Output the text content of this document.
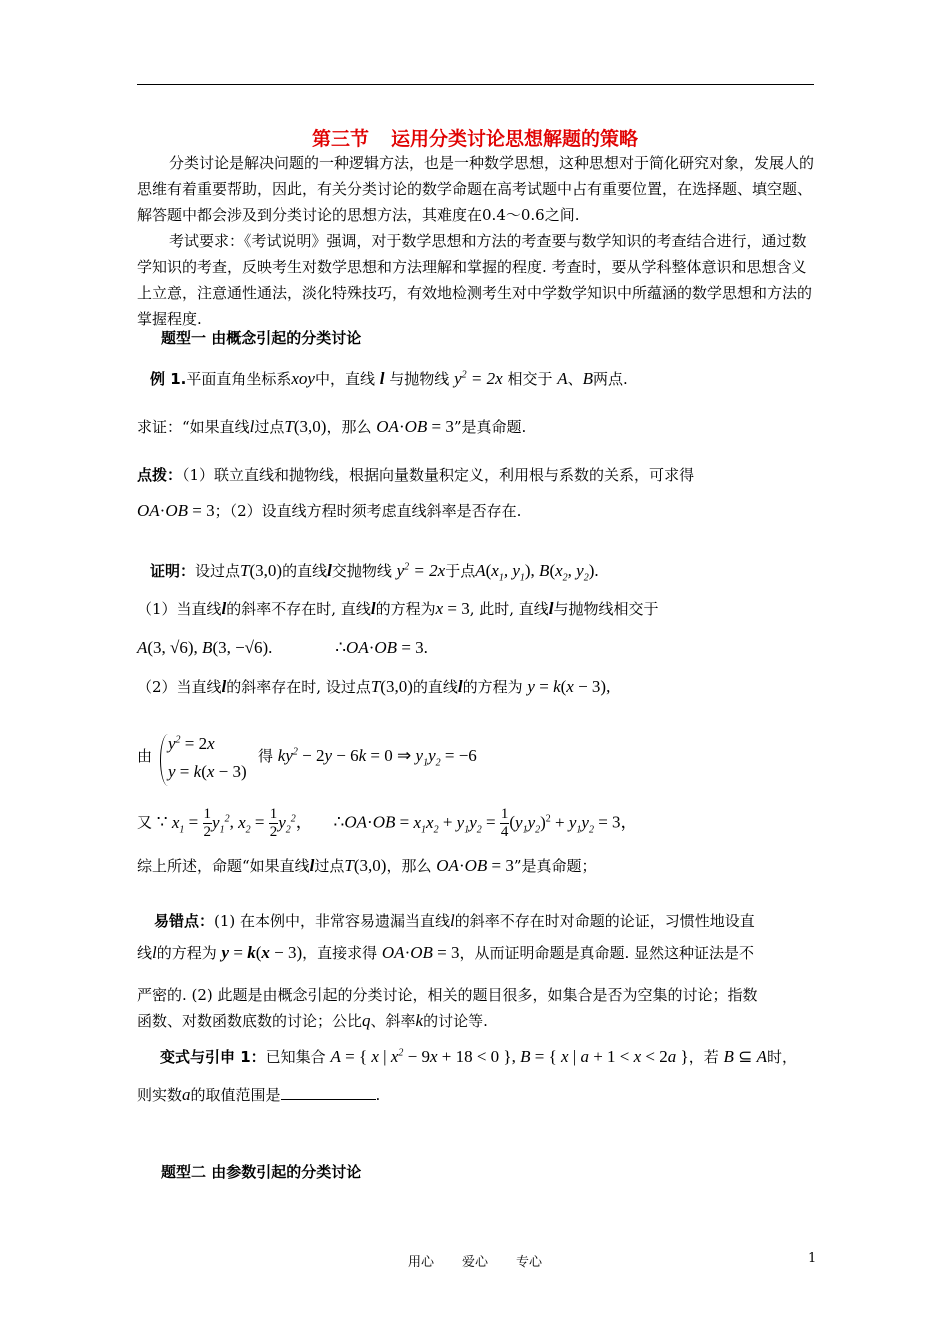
第三节 运用分类讨论思想解题的策略
分类讨论是解决问题的一种逻辑方法，也是一种数学思想，这种思想对于简化研究对象，发展人的思维有着重要帮助，因此，有关分类讨论的数学命题在高考试题中占有重要位置，在选择题、填空题、解答题中都会涉及到分类讨论的思想方法，其难度在0.4～0.6之间.
考试要求：《考试说明》强调，对于数学思想和方法的考查要与数学知识的考查结合进行，通过数学知识的考查，反映考生对数学思想和方法理解和掌握的程度. 考查时，要从学科整体意识和思想含义上立意，注意通性通法，淡化特殊技巧，有效地检测考生对中学数学知识中所蕴涵的数学思想和方法的掌握程度.
题型一 由概念引起的分类讨论
例 1.平面直角坐标系xoy中，直线 l 与抛物线 $y^2 = 2x$ 相交于 A、B两点.
求证：“如果直线l过点T(3,0)，那么 OA·OB = 3”是真命题.
点拨：（1）联立直线和抛物线，根据向量数量积定义，利用根与系数的关系，可求得
OA·OB = 3；（2）设直线方程时须考虑直线斜率是否存在.
证明：设过点T(3,0)的直线l交抛物线 $y^2 = 2x$于点$A(x_1$, $y_1$), $B(x_2$, $y_2$).
（1）当直线l的斜率不存在时, 直线l的方程为x = 3, 此时, 直线l与抛物线相交于
A(3, √6), B(3, −√6).	∴OA·OB = 3.
（2）当直线l的斜率存在时, 设过点T(3,0)的直线l的方程为 y = k(x − 3),
由
$y^2 = 2x$
y = k(x − 3)
得 $ky^2 - 2y - 6k = 0$ ⇒ $y_1y_2 = -6$
又 ∵ $x_1 = \frac{1}{2} y_1^2$, $x_2 = \frac{1}{2} y_2^2$， ∴OA·OB = $x_1x_2 + y_1y_2 = \frac{1}{4} (y_1y_2)^2 + y_1y_2 = 3$，
综上所述，命题“如果直线l过点T(3,0)，那么 OA·OB = 3”是真命题；
易错点：(1) 在本例中，非常容易遗漏当直线l的斜率不存在时对命题的论证，习惯性地设直
线l的方程为 y = k(x − 3)，直接求得 OA·OB = 3，从而证明命题是真命题. 显然这种证法是不
严密的. (2) 此题是由概念引起的分类讨论，相关的题目很多，如集合是否为空集的讨论；指数
函数、对数函数底数的讨论；公比q、斜率k的讨论等.
变式与引申 1：已知集合 A = { x | $x^2 - 9x + 18 < 0$ }, B = { x | a + 1 < x < 2a }，若 B ⊆ A时，
则实数a的取值范围是	.
题型二 由参数引起的分类讨论
用心 爱心 专心	1
